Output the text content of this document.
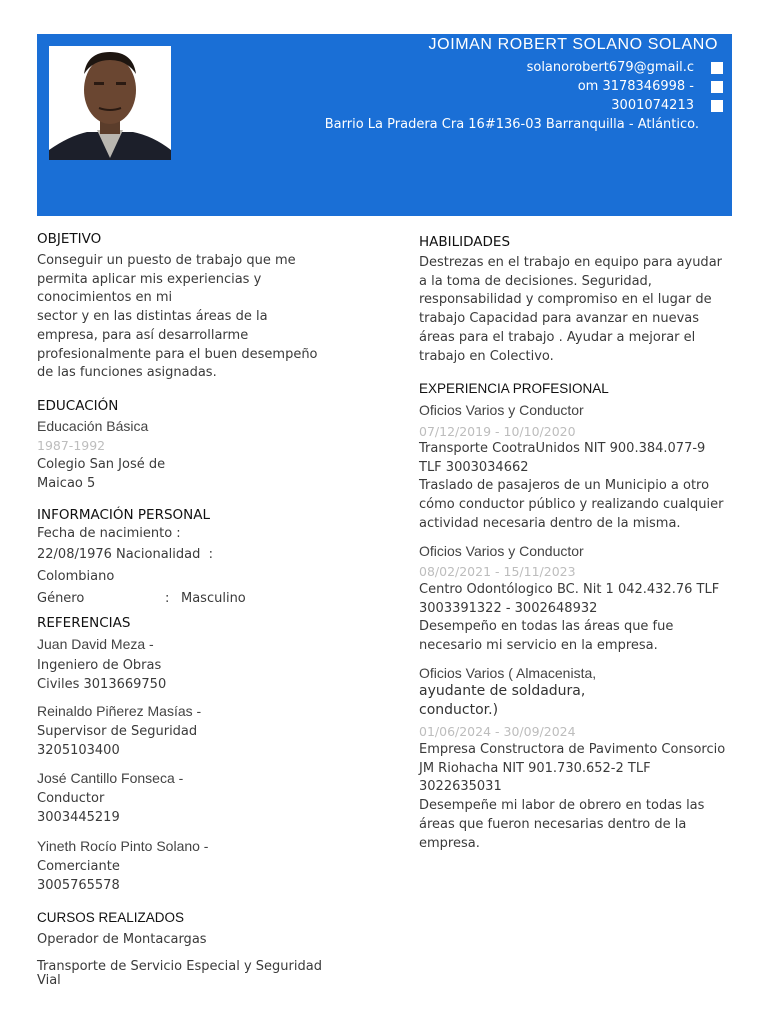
JOIMAN ROBERT SOLANO SOLANO
solanorobert679@gmail.c
om 3178346998 -
3001074213
Barrio La Pradera Cra 16#136-03 Barranquilla - Atlántico.
OBJETIVO
Conseguir un puesto de trabajo que me
permita aplicar mis experiencias y
conocimientos en mi
sector y en las distintas áreas de la
empresa, para así desarrollarme
profesionalmente para el buen desempeño
de las funciones asignadas.
EDUCACIÓN
Educación Básica
1987-1992
Colegio San José de
Maicao 5
INFORMACIÓN PERSONAL
Fecha de nacimiento :
22/08/1976 Nacionalidad  :
Colombiano
Género	: Masculino
REFERENCIAS
Juan David Meza -
Ingeniero de Obras
Civiles 3013669750
Reinaldo Piñerez Masías -
Supervisor de Seguridad
3205103400
José Cantillo Fonseca -
Conductor
3003445219
Yineth Rocío Pinto Solano -
Comerciante
3005765578
CURSOS REALIZADOS
Operador de Montacargas
Transporte de Servicio Especial y Seguridad
Vial
HABILIDADES
Destrezas en el trabajo en equipo para ayudar
a la toma de decisiones. Seguridad,
responsabilidad y compromiso en el lugar de
trabajo Capacidad para avanzar en nuevas
áreas para el trabajo . Ayudar a mejorar el
trabajo en Colectivo.
EXPERIENCIA PROFESIONAL
Oficios Varios y Conductor
07/12/2019 - 10/10/2020
Transporte CootraUnidos NIT 900.384.077-9
TLF 3003034662
Traslado de pasajeros de un Municipio a otro
cómo conductor público y realizando cualquier
actividad necesaria dentro de la misma.
Oficios Varios y Conductor
08/02/2021 - 15/11/2023
Centro Odontólogico BC. Nit 1 042.432.76 TLF
3003391322 - 3002648932
Desempeño en todas las áreas que fue
necesario mi servicio en la empresa.
Oficios Varios ( Almacenista,
ayudante de soldadura,
conductor.)
01/06/2024 - 30/09/2024
Empresa Constructora de Pavimento Consorcio
JM Riohacha NIT 901.730.652-2 TLF
3022635031
Desempeñe mi labor de obrero en todas las
áreas que fueron necesarias dentro de la
empresa.
